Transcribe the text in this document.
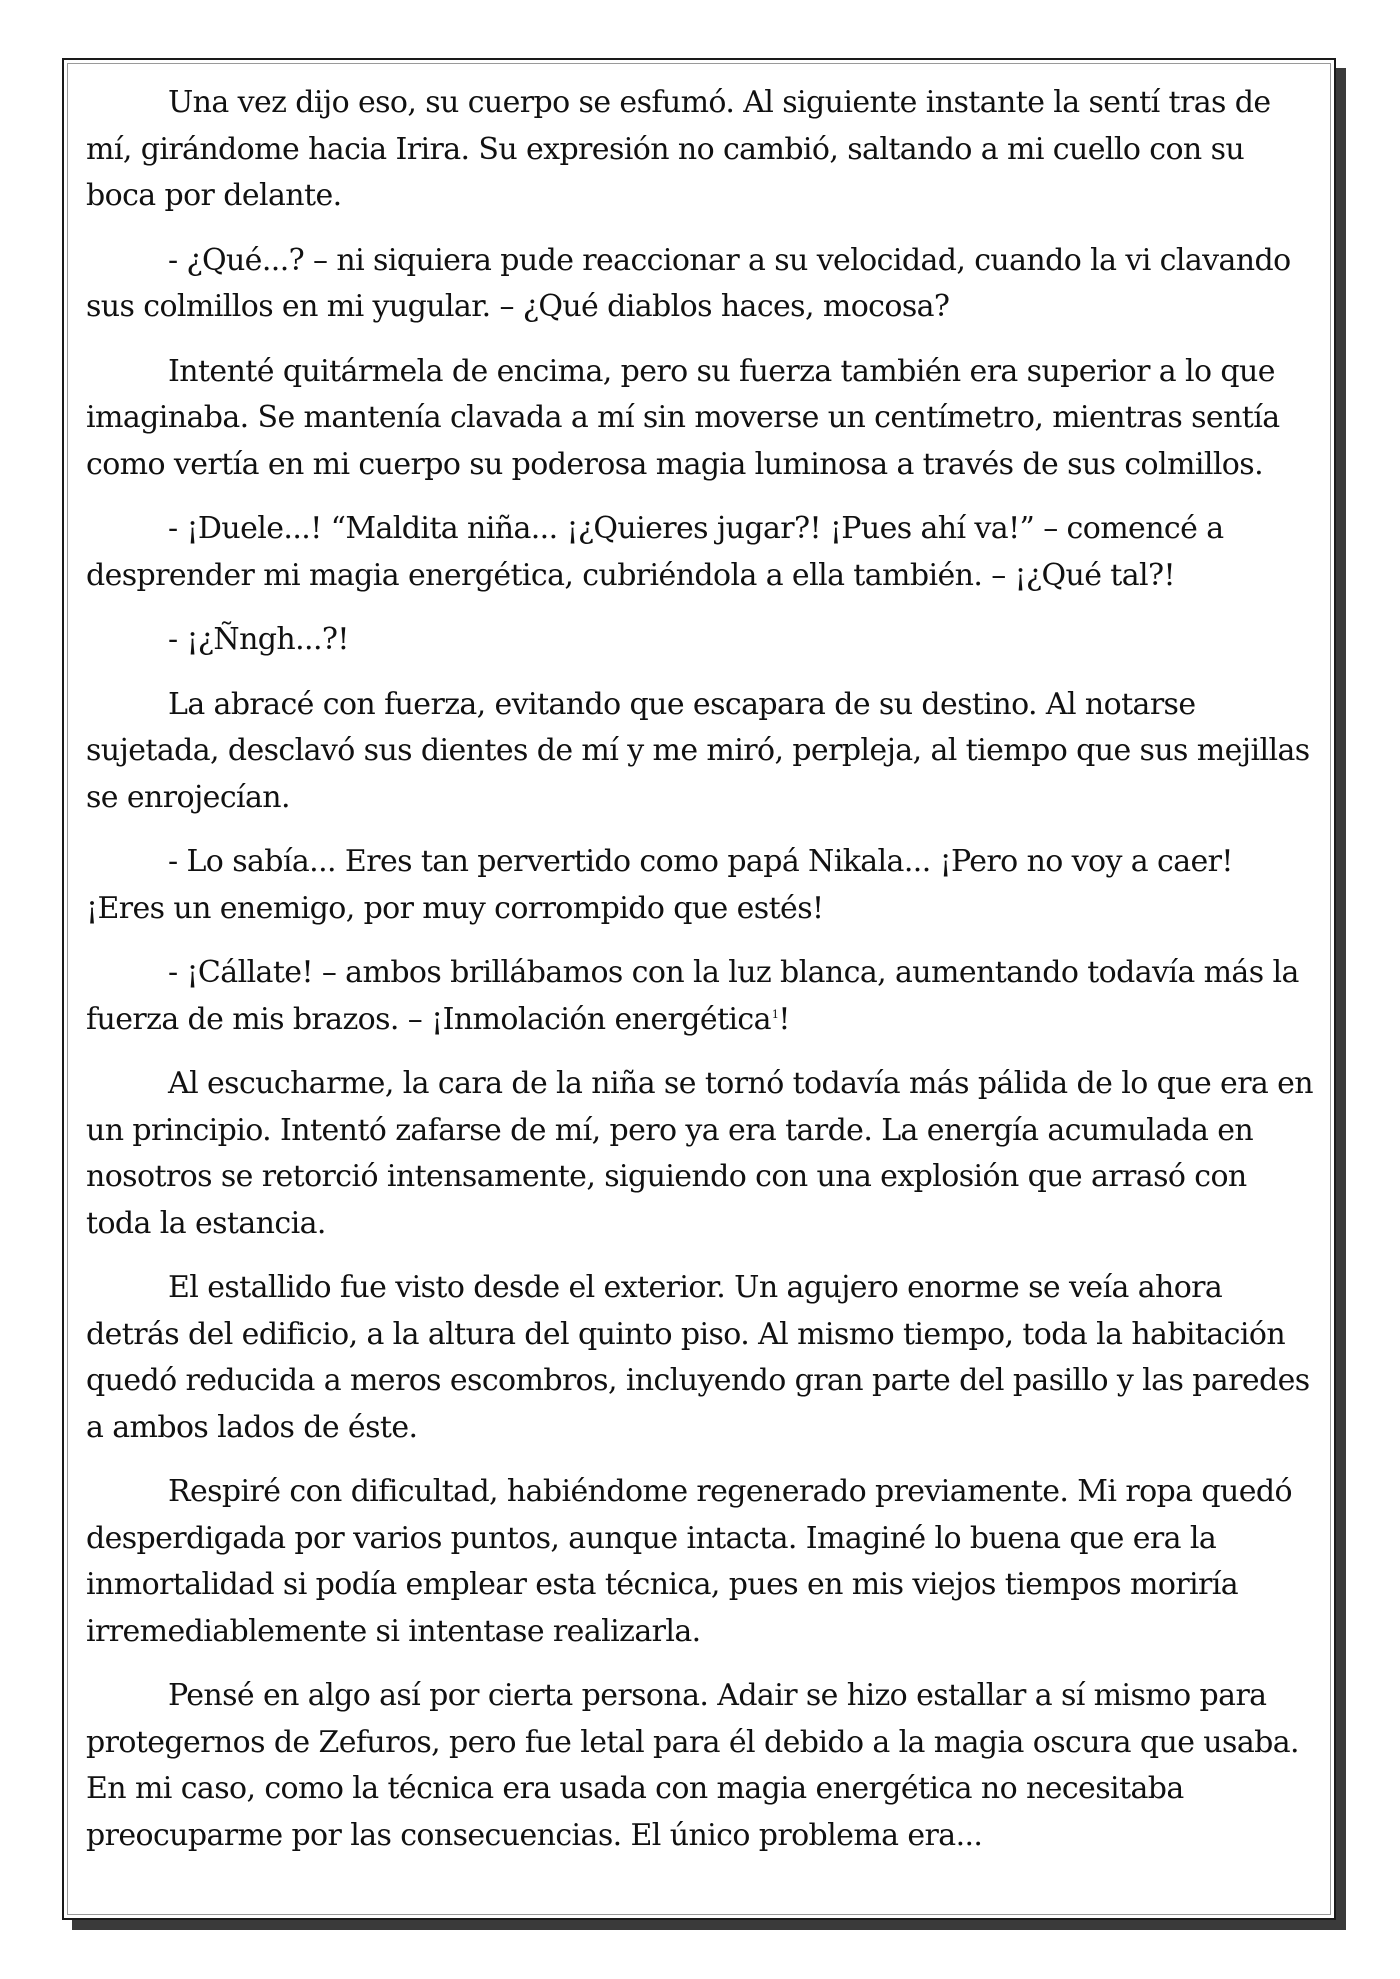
Una vez dijo eso, su cuerpo se esfumó. Al siguiente instante la sentí tras de mí, girándome hacia Irira. Su expresión no cambió, saltando a mi cuello con su boca por delante.

- ¿Qué...? – ni siquiera pude reaccionar a su velocidad, cuando la vi clavando sus colmillos en mi yugular. – ¿Qué diablos haces, mocosa?

Intenté quitármela de encima, pero su fuerza también era superior a lo que imaginaba. Se mantenía clavada a mí sin moverse un centímetro, mientras sentía como vertía en mi cuerpo su poderosa magia luminosa a través de sus colmillos.

- ¡Duele...! “Maldita niña... ¡¿Quieres jugar?! ¡Pues ahí va!” – comencé a desprender mi magia energética, cubriéndola a ella también. – ¡¿Qué tal?!

- ¡¿Ñngh...?!

La abracé con fuerza, evitando que escapara de su destino. Al notarse sujetada, desclavó sus dientes de mí y me miró, perpleja, al tiempo que sus mejillas se enrojecían.

- Lo sabía... Eres tan pervertido como papá Nikala... ¡Pero no voy a caer! ¡Eres un enemigo, por muy corrompido que estés!

- ¡Cállate! – ambos brillábamos con la luz blanca, aumentando todavía más la fuerza de mis brazos. – ¡Inmolación energética$^1$!

Al escucharme, la cara de la niña se tornó todavía más pálida de lo que era en un principio. Intentó zafarse de mí, pero ya era tarde. La energía acumulada en nosotros se retorció intensamente, siguiendo con una explosión que arrasó con toda la estancia.

El estallido fue visto desde el exterior. Un agujero enorme se veía ahora detrás del edificio, a la altura del quinto piso. Al mismo tiempo, toda la habitación quedó reducida a meros escombros, incluyendo gran parte del pasillo y las paredes a ambos lados de éste.

Respiré con dificultad, habiéndome regenerado previamente. Mi ropa quedó desperdigada por varios puntos, aunque intacta. Imaginé lo buena que era la inmortalidad si podía emplear esta técnica, pues en mis viejos tiempos moriría irremediablemente si intentase realizarla.

Pensé en algo así por cierta persona. Adair se hizo estallar a sí mismo para protegernos de Zefuros, pero fue letal para él debido a la magia oscura que usaba. En mi caso, como la técnica era usada con magia energética no necesitaba preocuparme por las consecuencias. El único problema era...
